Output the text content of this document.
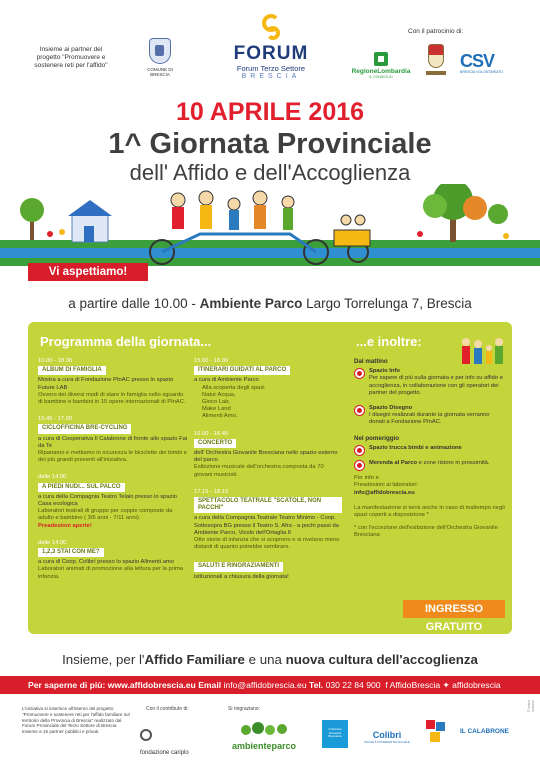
Insieme ai partner del progetto "Promuovere e sostenere reti per l'affido"
COMUNE DI BRESCIA
FORUM
Forum Terzo Settore
BRESCIA
Con il patrocinio di:
RegioneLombardia
IL CONSIGLIO
CSV
BRESCIA VOLONTARIATO
10 APRILE 2016
1^ Giornata Provinciale
dell' Affido e dell'Accoglienza
Vi aspettiamo!
a partire dalle 10.00 - Ambiente Parco Largo Torrelunga 7, Brescia
Programma della giornata...	...e inoltre:
10.00 - 18.30
ALBUM DI FAMIGLIA
Mostra a cura di Fondazione PInAC presso lo spazio Future LAB
Ovvero dei diversi modi di stare in famiglia nello sguardo di bambine e bambini in 15 opere internazionali di PInAC.
15.45 - 17.00
CICLOFFICINA BRE-CYCLING
a cura di Cooperativa Il Calabrone di fronte allo spazio Fai da Te
Ripariamo e mettiamo in sicurezza le biciclette dei bimbi e dei più grandi presenti all'iniziativa.
dalle 14.00
A PIEDI NUDI... SUL PALCO
a cura della Compagnia Teatro Telaio presso lo spazio Casa ecologica
Laboratori teatrali di gruppo per coppie composte da adulto e bambino ( 3/6 anni - 7/11 anni).
Preadesioni aperte!
dalle 14.00
1,2,3 STAI CON ME?
a cura di Coop. Colibrì presso lo spazio Allmenti.amo
Laboratori animati di promozione alla lettura per la prima infanzia.
15.00 - 18.00
ITINERARI GUIDATI AL PARCO
a cura di Ambiente Parco
Alla scoperta degli spazi
Natur Acqua,
Gioco Lab,
Make Land
Alimenti Amo.
16.00 - 16.45
CONCERTO
dell' Orchestra Giovanile Bresciana nello spazio esterno del parco
Esibizione musicale dell'orchestra composta da 70 giovani musicisti.
17.15 - 18.15
SPETTACOLO TEATRALE "SCATOLE, NON PACCHI"
a cura della Compagnia Teatrale Teatro Minimo - Coop. Sottosopra BG presso il Teatro S. Afra - a pochi passi da Ambiente Parco, Vicolo dell'Ortaglia 6
Otto storie di infanzia che si scoprono e si rivelano meno distanti di quanto potrebbe sembrare.
SALUTI E RINGRAZIAMENTI
istituzionali a chiusura della giornata!
Dal mattino
Spazio Info
Per sapere di più sulla giornata e per info su affido e accoglienza, in collaborazione con gli operatori dei partner del progetto.
Spazio Disegno
I disegni realizzati durante la giornata verranno donati a Fondazione PInAC.
Nel pomeriggio
Spazio trucca bimbi e animazione
Merenda al Parco e zone ristoro in prossimità.
Per info e
Preadesioni ai laboratori:
info@affidobrescia.eu
La manifestazione si terrà anche in caso di maltempo negli spazi coperti a disposizione *
* con l'eccezione dell'esibizione dell'Orchestra Giovanile Bresciana
INGRESSO GRATUITO
Insieme, per l'Affido Familiare e una nuova cultura dell'accoglienza
Per saperne di più: www.affidobrescia.eu Email info@affidobrescia.eu Tel. 030 22 84 900 f AffidoBrescia ✦ affidobrescia
L'iniziativa si inserisce all'interno del progetto "Promuovere e sostenere reti per l'affido familiare sul territorio della Provincia di Brescia" realizzato dal Forum Provinciale del Terzo Settore di Brescia insieme a 15 partner pubblici e privati.
Con il contributo di:	Si ringraziano:
fondazione cariplo
ambienteparco
Orchestra Giovanile Bresciana	Colibrì
SOCIETÀ COOPERATIVA SOCIALE
IL CALABRONE
© mario ronzoni
